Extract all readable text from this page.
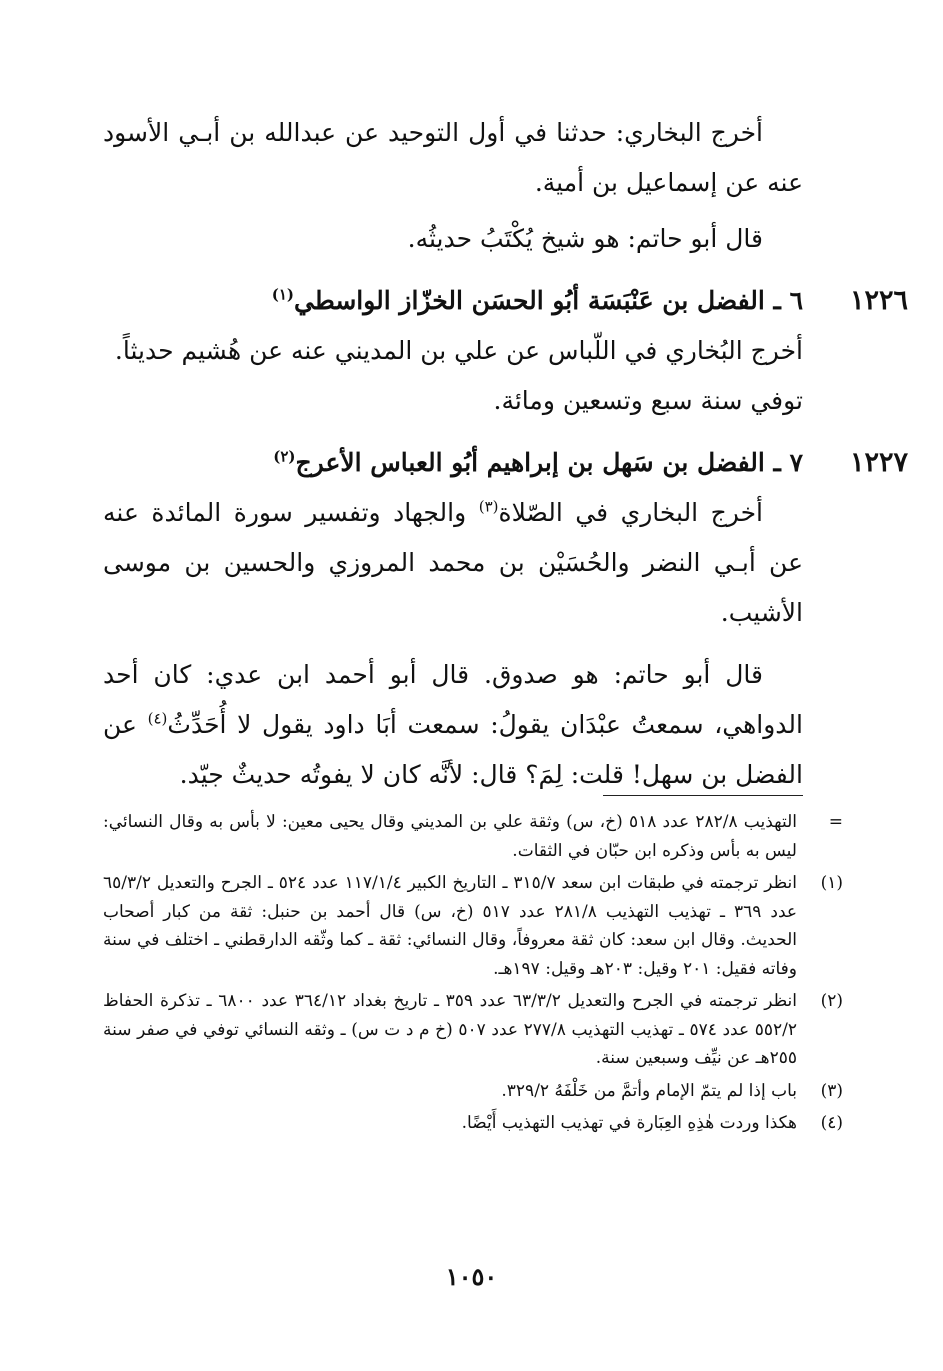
أخرج البخاري: حدثنا في أول التوحيد عن عبدالله بن أبـي الأسود عنه عن إسماعيل بن أمية.

قال أبو حاتم: هو شيخ يُكْتَبُ حديثُه.

١٢٢٦

٦ ـ الفضل بن عَنْبَسَة أبُو الحسَن الخزّاز الواسطي$^{(١)}$

أخرج البُخاري في اللّباس عن علي بن المديني عنه عن هُشيم حديثاً.

توفي سنة سبع وتسعين ومائة.

١٢٢٧

٧ ـ الفضل بن سَهل بن إبراهيم أبُو العباس الأعرج$^{(٢)}$

أخرج البخاري في الصّلاة$^{(٣)}$ والجهاد وتفسير سورة المائدة عنه عن أبـي النضر والحُسَيْن بن محمد المروزي والحسين بن موسى الأشيب.

قال أبو حاتم: هو صدوق. قال أبو أحمد ابن عدي: كان أحد الدواهي، سمعتُ عبْدَان يقولُ: سمعت أبَا داود يقول لا أُحَدِّثُ$^{(٤)}$ عن الفضل بن سهل! قلت: لِمَ؟ قال: لأنَّه كان لا يفوتُه حديثٌ جيّد.

=
التهذيب ٢٨٢/٨ عدد ٥١٨ (خ، س) وثقة علي بن المديني وقال يحيى معين: لا بأس به وقال النسائي: ليس به بأس وذكره ابن حبّان في الثقات.

(١)
انظر ترجمته في طبقات ابن سعد ٣١٥/٧ ـ التاريخ الكبير ١١٧/١/٤ عدد ٥٢٤ ـ الجرح والتعديل ٦٥/٣/٢ عدد ٣٦٩ ـ تهذيب التهذيب ٢٨١/٨ عدد ٥١٧ (خ، س) قال أحمد بن حنبل: ثقة من كبار أصحاب الحديث. وقال ابن سعد: كان ثقة معروفاً، وقال النسائي: ثقة ـ كما وثّقه الدارقطني ـ اختلف في سنة وفاته فقيل: ٢٠١ وقيل: ٢٠٣هـ وقيل: ١٩٧هـ.

(٢)
انظر ترجمته في الجرح والتعديل ٦٣/٣/٢ عدد ٣٥٩ ـ تاريخ بغداد ٣٦٤/١٢ عدد ٦٨٠٠ ـ تذكرة الحفاظ ٥٥٢/٢ عدد ٥٧٤ ـ تهذيب التهذيب ٢٧٧/٨ عدد ٥٠٧ (خ م د ت س) ـ وثقه النسائي توفي في صفر سنة ٢٥٥هـ عن نيِّف وسبعين سنة.

(٣)
باب إذا لم يتمّ الإمام وأتمَّ من خَلْفَهُ ٣٢٩/٢.

(٤)
هكذا وردت هٰذِهِ العِبَارة في تهذيب التهذيب أَيْضًا.

١٠٥٠
